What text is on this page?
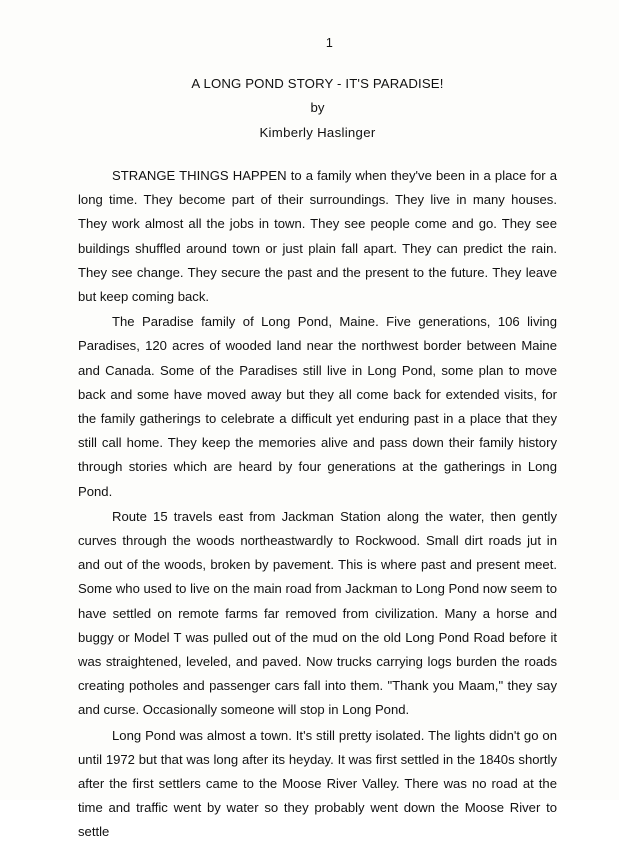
1
A LONG POND STORY - IT'S PARADISE!
by
Kimberly Haslinger

STRANGE THINGS HAPPEN to a family when they've been in a place for a long time. They become part of their surroundings. They live in many houses. They work almost all the jobs in town. They see people come and go. They see buildings shuffled around town or just plain fall apart. They can predict the rain. They see change. They secure the past and the present to the future. They leave but keep coming back.

The Paradise family of Long Pond, Maine. Five generations, 106 living Paradises, 120 acres of wooded land near the northwest border between Maine and Canada. Some of the Paradises still live in Long Pond, some plan to move back and some have moved away but they all come back for extended visits, for the family gatherings to celebrate a difficult yet enduring past in a place that they still call home. They keep the memories alive and pass down their family history through stories which are heard by four generations at the gatherings in Long Pond.

Route 15 travels east from Jackman Station along the water, then gently curves through the woods northeastwardly to Rockwood. Small dirt roads jut in and out of the woods, broken by pavement. This is where past and present meet. Some who used to live on the main road from Jackman to Long Pond now seem to have settled on remote farms far removed from civilization. Many a horse and buggy or Model T was pulled out of the mud on the old Long Pond Road before it was straightened, leveled, and paved. Now trucks carrying logs burden the roads creating potholes and passenger cars fall into them. "Thank you Maam," they say and curse. Occasionally someone will stop in Long Pond.

Long Pond was almost a town. It's still pretty isolated. The lights didn't go on until 1972 but that was long after its heyday. It was first settled in the 1840s shortly after the first settlers came to the Moose River Valley. There was no road at the time and traffic went by water so they probably went down the Moose River to settle
